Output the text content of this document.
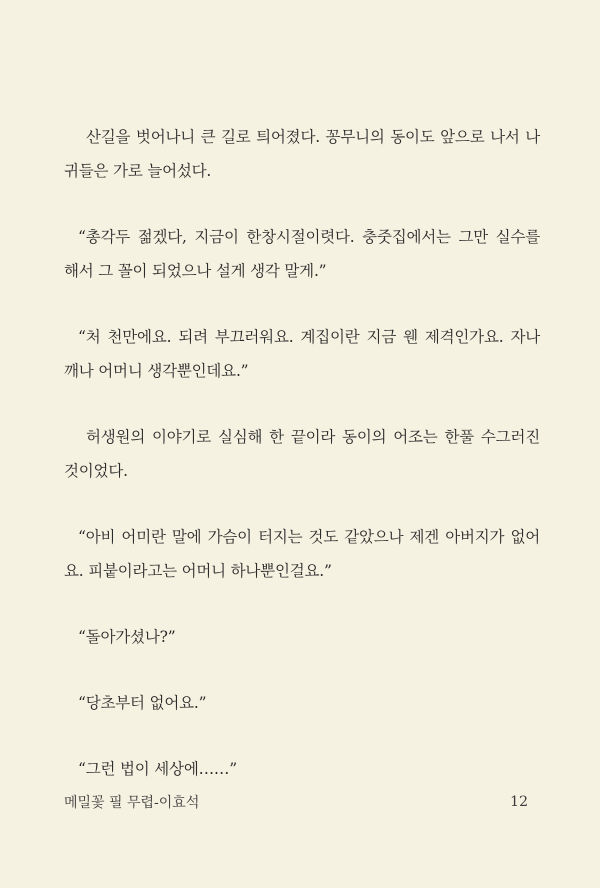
산길을 벗어나니 큰 길로 틔어졌다. 꽁무니의 동이도 앞으로 나서 나귀들은 가로 늘어섰다.

“총각두 젊겠다, 지금이 한창시절이렷다. 충줏집에서는 그만 실수를 해서 그 꼴이 되었으나 설게 생각 말게.”

“처 천만에요. 되려 부끄러워요. 계집이란 지금 웬 제격인가요. 자나 깨나 어머니 생각뿐인데요.”

허생원의 이야기로 실심해 한 끝이라 동이의 어조는 한풀 수그러진 것이었다.

“아비 어미란 말에 가슴이 터지는 것도 같았으나 제겐 아버지가 없어요. 피붙이라고는 어머니 하나뿐인걸요.”

“돌아가셨나?”

“당초부터 없어요.”

“그런 법이 세상에……”

메밀꽃 필 무렵-이효석	12
